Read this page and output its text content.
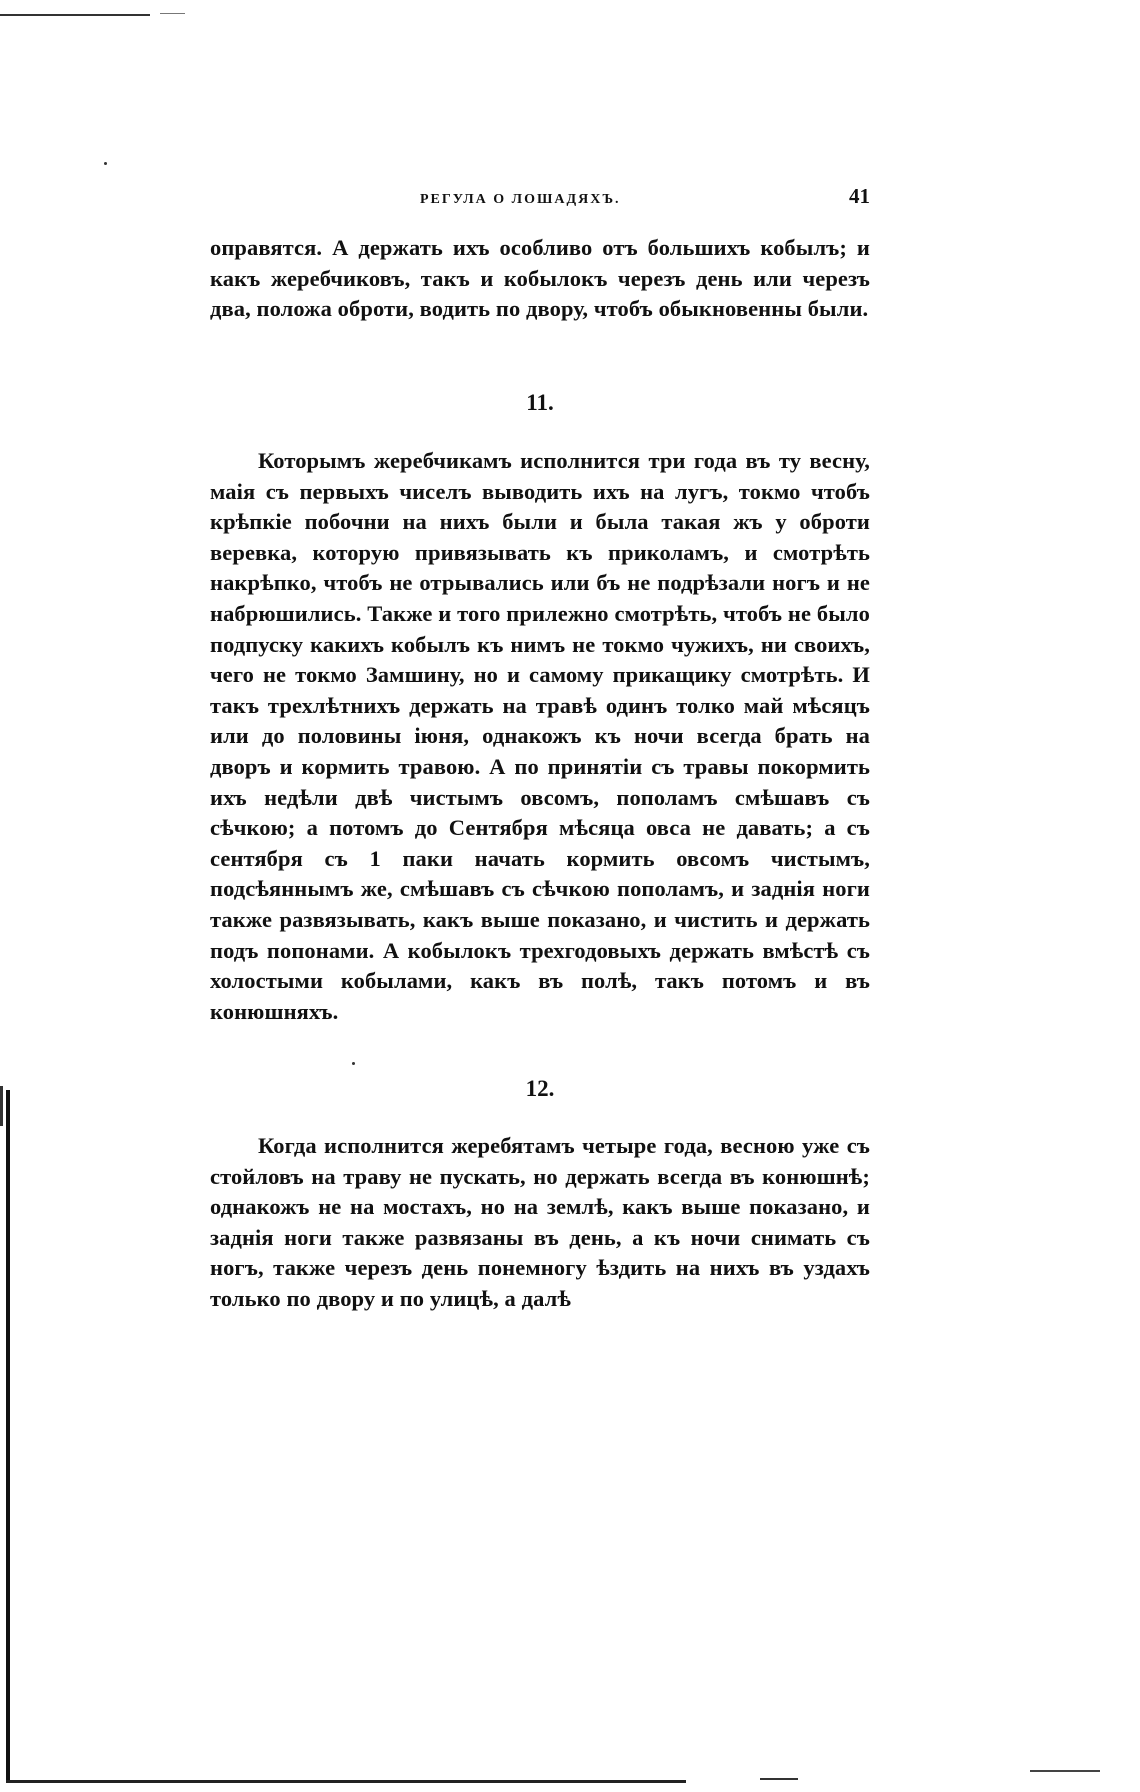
РЕГУЛА О ЛОШАДЯХЪ.	41

оправятся. А держать ихъ особливо отъ большихъ кобылъ; и какъ жеребчиковъ, такъ и кобылокъ черезъ день или черезъ два, положа оброти, водить по двору, чтобъ обыкновенны были.

11.

Которымъ жеребчикамъ исполнится три года въ ту весну, маія съ первыхъ чиселъ выводить ихъ на лугъ, токмо чтобъ крѣпкіе побочни на нихъ были и была такая жъ у оброти веревка, которую привязывать къ приколамъ, и смотрѣть накрѣпко, чтобъ не отрывались или бъ не подрѣзали ногъ и не набрюшились. Также и того прилежно смотрѣть, чтобъ не было подпуску какихъ кобылъ къ нимъ не токмо чужихъ, ни своихъ, чего не токмо Замшину, но и самому прикащику смотрѣть. И такъ трехлѣтнихъ держать на травѣ одинъ толко май мѣсяцъ или до половины іюня, однакожъ къ ночи всегда брать на дворъ и кормить травою. А по принятіи съ травы покормить ихъ недѣли двѣ чистымъ овсомъ, пополамъ смѣшавъ съ сѣчкою; а потомъ до Сентября мѣсяца овса не давать; а съ сентября съ 1 паки начать кормить овсомъ чистымъ, подсѣяннымъ же, смѣшавъ съ сѣчкою пополамъ, и заднія ноги также развязывать, какъ выше показано, и чистить и держать подъ попонами. А кобылокъ трехгодовыхъ держать вмѣстѣ съ холостыми кобылами, какъ въ полѣ, такъ потомъ и въ конюшняхъ.

12.

Когда исполнится жеребятамъ четыре года, весною уже съ стойловъ на траву не пускать, но держать всегда въ конюшнѣ; однакожъ не на мостахъ, но на землѣ, какъ выше показано, и заднія ноги также развязаны въ день, а къ ночи снимать съ ногъ, также черезъ день понемногу ѣздить на нихъ въ уздахъ только по двору и по улицѣ, а далѣ
